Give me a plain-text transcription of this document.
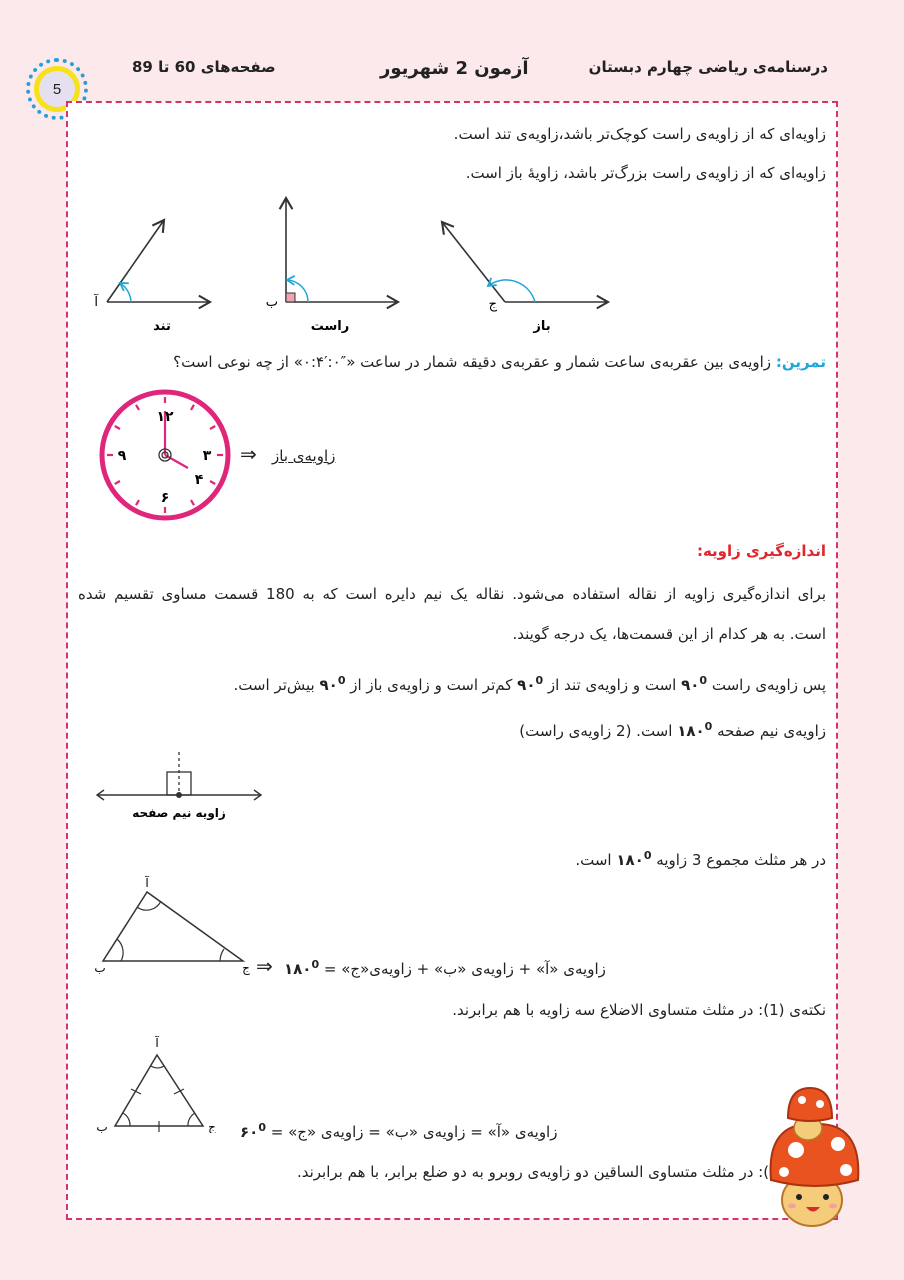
درسنامه‌ی ریاضی چهارم دبستان
آزمون 2 شهریور
صفحه‌های 60 تا 89
5
زاویه‌ای که از زاویه‌ی راست کوچک‌تر باشد،زاویه‌ی تند است.
زاویه‌ای که از زاویه‌ی راست بزرگ‌تر باشد، زاویهٔ باز است.
آ
تند
ب
راست
ج
باز
تمرین: زاویه‌ی بین عقربه‌ی ساعت شمار و عقربه‌ی دقیقه شمار در ساعت «″۰:′۰:۴» از چه نوعی است؟
۱۲
۳
۶
۹
۴
⇒ زاویه‌ی باز
اندازه‌گیری زاویه:
برای اندازه‌گیری زاویه از نقاله استفاده می‌شود. نقاله یک نیم دایره است که به 180 قسمت مساوی تقسیم شده
است. به هر کدام از این قسمت‌ها، یک درجه گویند.
پس زاویه‌ی راست $۹۰^0$ است و زاویه‌ی تند از $۹۰^0$ کم‌تر است و زاویه‌ی باز از $۹۰^0$ بیش‌تر است.
زاویه‌ی نیم صفحه $۱۸۰^0$ است. (2 زاویه‌ی راست)
زاویه نیم صفحه
در هر مثلث مجموع 3 زاویه $۱۸۰^0$ است.
آ
ب	ج ⇒	زاویه‌ی «آ» + زاویه‌ی «ب» + زاویه‌ی«ج» = $۱۸۰^0$
نکته‌ی (1): در مثلث متساوی الاضلاع سه زاویه با هم برابرند.
آ
ب	ج	زاویه‌ی «آ» = زاویه‌ی «ب» = زاویه‌ی «ج» = $۶۰^0$
): در مثلث متساوی الساقین دو زاویه‌ی روبرو به دو ضلع برابر، با هم برابرند.
